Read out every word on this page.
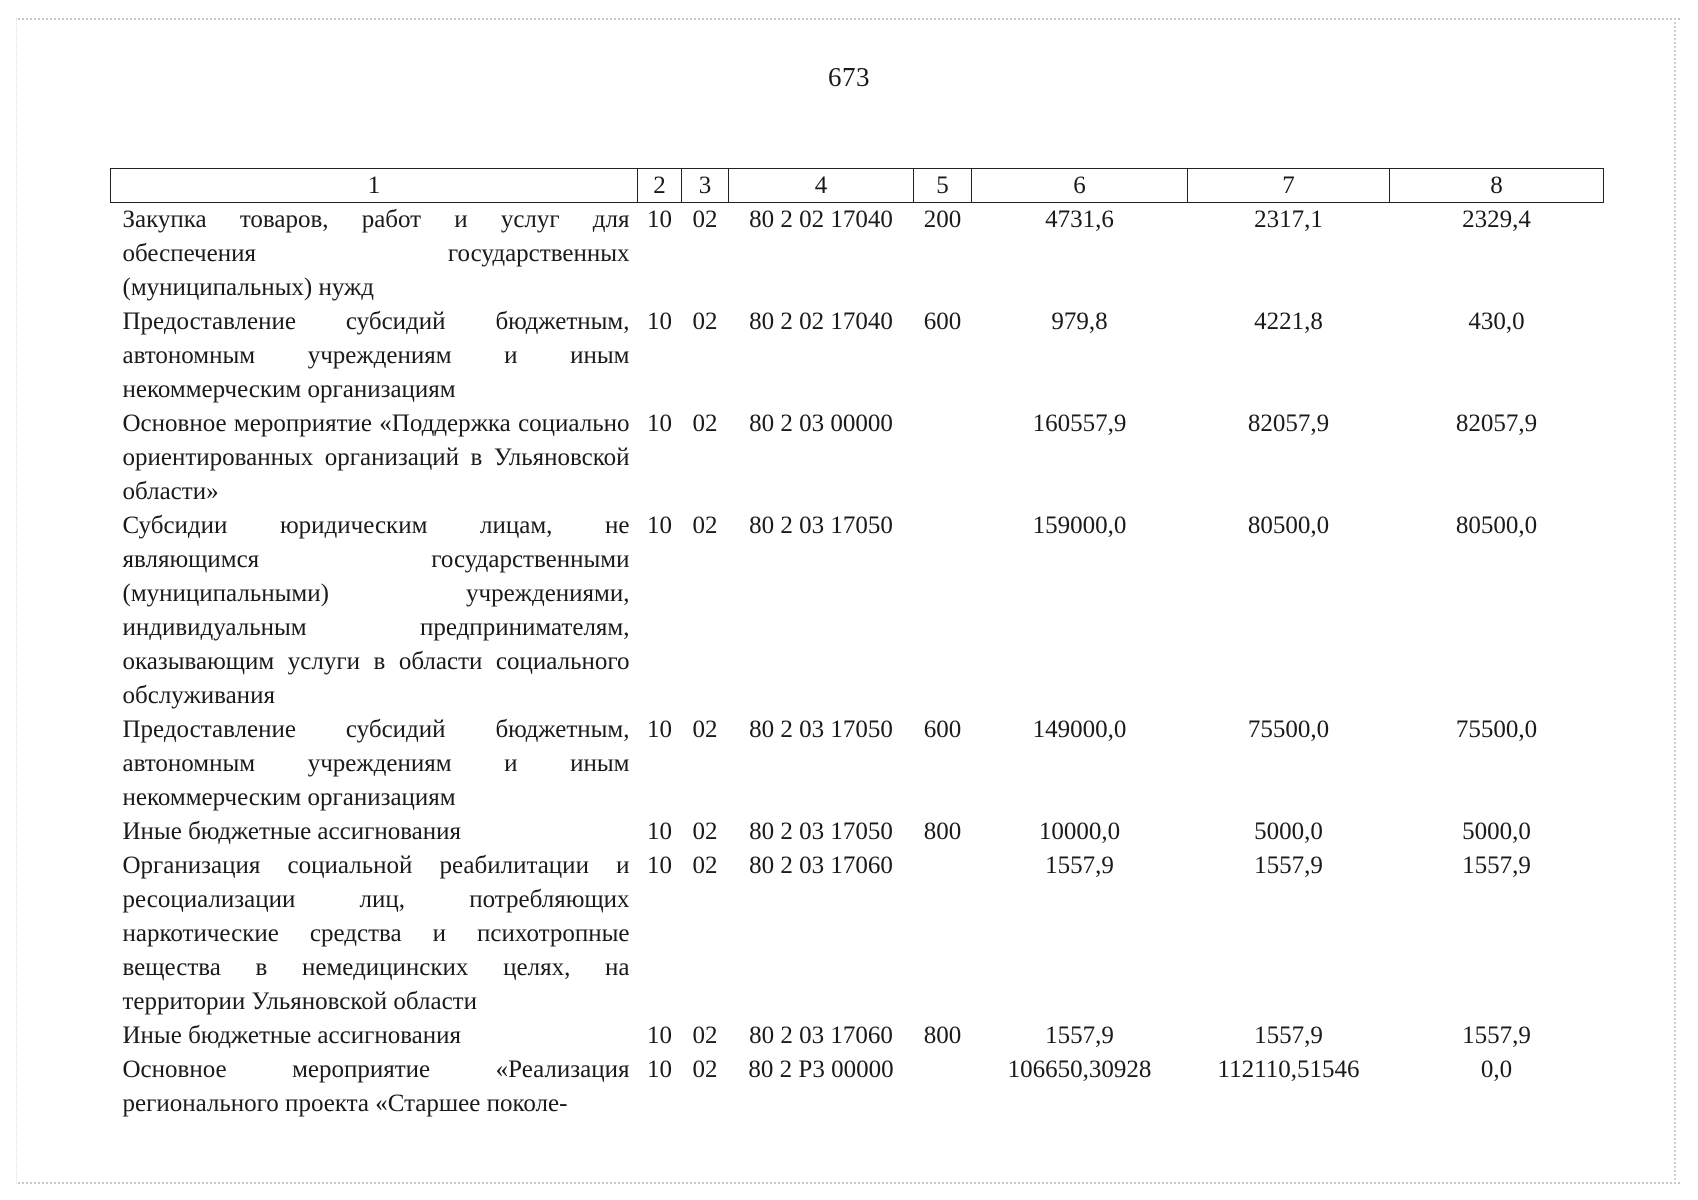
673
1	2	3	4	5	6	7	8
Закупка товаров, работ и услуг для обеспечения государственных (муниципальных) нужд	10	02	80 2 02 17040	200	4731,6	2317,1	2329,4
Предоставление субсидий бюджетным, автономным учреждениям и иным некоммерческим организациям	10	02	80 2 02 17040	600	979,8	4221,8	430,0
Основное мероприятие «Поддержка социально ориентированных организаций в Ульяновской области»	10	02	80 2 03 00000		160557,9	82057,9	82057,9
Субсидии юридическим лицам, не являющимся государственными (муниципальными) учреждениями, индивидуальным предпринимателям, оказывающим услуги в области социального обслуживания	10	02	80 2 03 17050		159000,0	80500,0	80500,0
Предоставление субсидий бюджетным, автономным учреждениям и иным некоммерческим организациям	10	02	80 2 03 17050	600	149000,0	75500,0	75500,0
Иные бюджетные ассигнования	10	02	80 2 03 17050	800	10000,0	5000,0	5000,0
Организация социальной реабилитации и ресоциализации лиц, потребляющих наркотические средства и психотропные вещества в немедицинских целях, на территории Ульяновской области	10	02	80 2 03 17060		1557,9	1557,9	1557,9
Иные бюджетные ассигнования	10	02	80 2 03 17060	800	1557,9	1557,9	1557,9
Основное мероприятие «Реализация регионального проекта «Старшее поколе-	10	02	80 2 P3 00000		106650,30928	112110,51546	0,0
